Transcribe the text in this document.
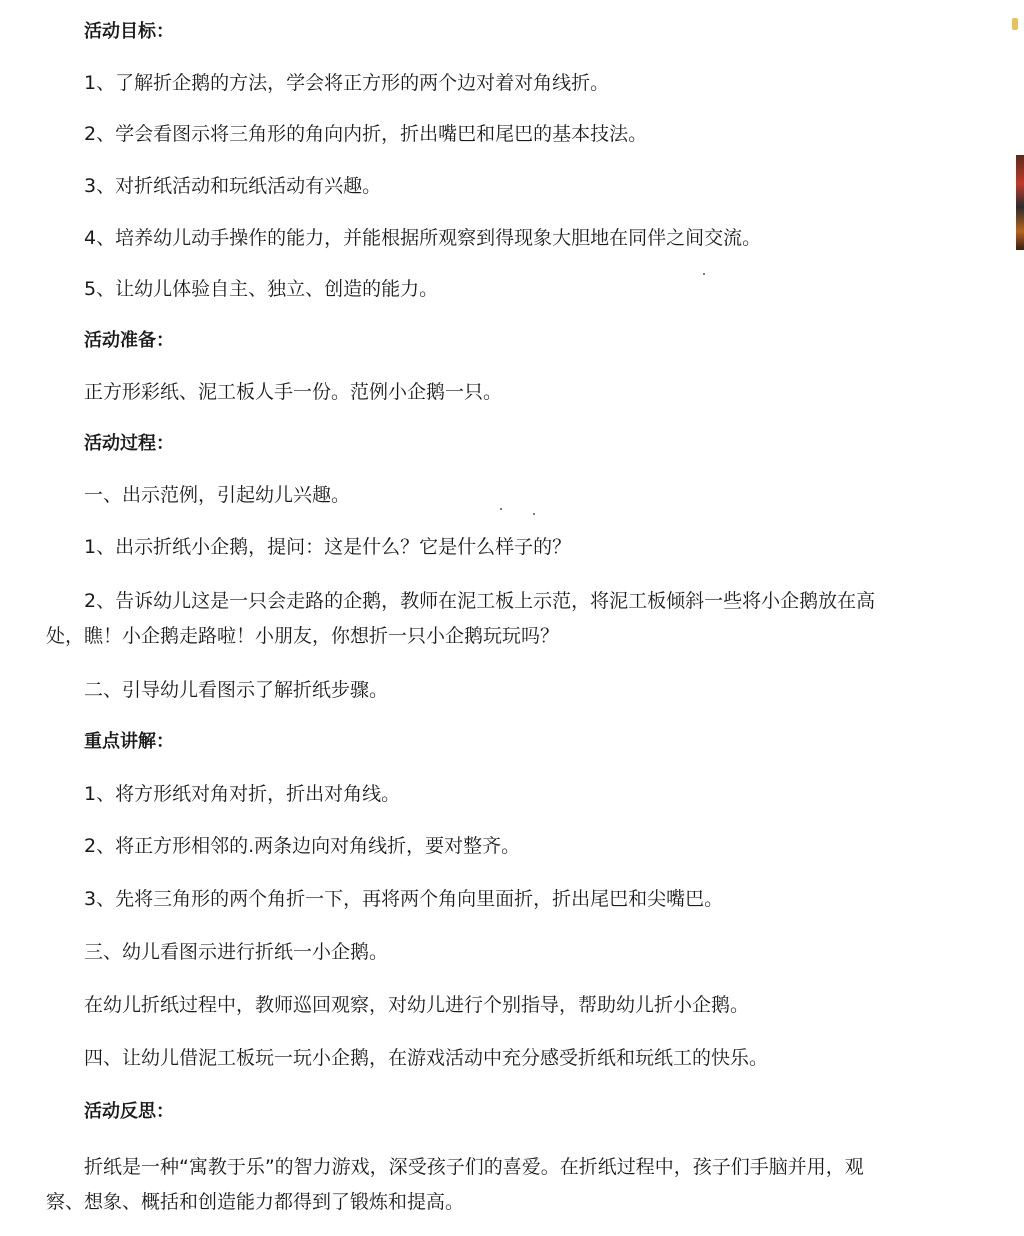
活动目标：
1、了解折企鹅的方法，学会将正方形的两个边对着对角线折。
2、学会看图示将三角形的角向内折，折出嘴巴和尾巴的基本技法。
3、对折纸活动和玩纸活动有兴趣。
4、培养幼儿动手操作的能力，并能根据所观察到得现象大胆地在同伴之间交流。
5、让幼儿体验自主、独立、创造的能力。
活动准备：
正方形彩纸、泥工板人手一份。范例小企鹅一只。
活动过程：
一、出示范例，引起幼儿兴趣。
1、出示折纸小企鹅，提问：这是什么？它是什么样子的？
2、告诉幼儿这是一只会走路的企鹅，教师在泥工板上示范，将泥工板倾斜一些将小企鹅放在高
处，瞧！小企鹅走路啦！小朋友，你想折一只小企鹅玩玩吗？
二、引导幼儿看图示了解折纸步骤。
重点讲解：
1、将方形纸对角对折，折出对角线。
2、将正方形相邻的.两条边向对角线折，要对整齐。
3、先将三角形的两个角折一下，再将两个角向里面折，折出尾巴和尖嘴巴。
三、幼儿看图示进行折纸一小企鹅。
在幼儿折纸过程中，教师巡回观察，对幼儿进行个别指导，帮助幼儿折小企鹅。
四、让幼儿借泥工板玩一玩小企鹅，在游戏活动中充分感受折纸和玩纸工的快乐。
活动反思：
折纸是一种“寓教于乐”的智力游戏，深受孩子们的喜爱。在折纸过程中，孩子们手脑并用，观
察、想象、概括和创造能力都得到了锻炼和提高。
